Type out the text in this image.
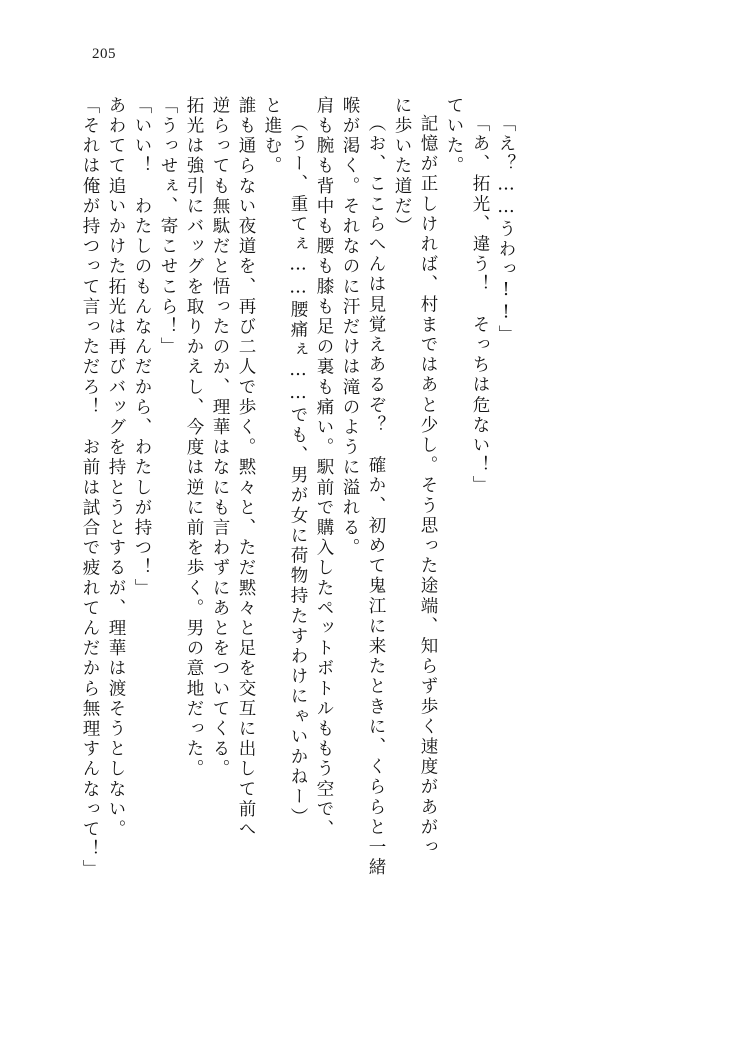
205
「それは俺が持つって言っただろ！　お前は試合で疲れてんだから無理すんなって！」 あわてて追いかけた拓光は再びバッグを持とうとするが、理華は渡そうとしない。 「いい！　わたしのもんなんだから、わたしが持つ！」 「うっせぇ、寄こせこら！」 拓光は強引にバッグを取りかえし、今度は逆に前を歩く。男の意地だった。 逆らっても無駄だと悟ったのか、理華はなにも言わずにあとをついてくる。 誰も通らない夜道を、再び二人で歩く。黙々と、ただ黙々と足を交互に出して前へ と進む。 （うー、重てぇ……腰痛ぇ……でも、男が女に荷物持たすわけにゃいかねー） 肩も腕も背中も腰も膝も足の裏も痛い。駅前で購入したペットボトルももう空で、 喉が渇く。それなのに汗だけは滝のように溢れる。 （お、ここらへんは見覚えあるぞ？　確か、初めて鬼江に来たときに、くららと一緒 に歩いた道だ） 記憶が正しければ、村まではあと少し。そう思った途端、知らず歩く速度があがっ ていた。 「あ、拓光、違う！　そっちは危ない！」 「え？……うわっ!!」
